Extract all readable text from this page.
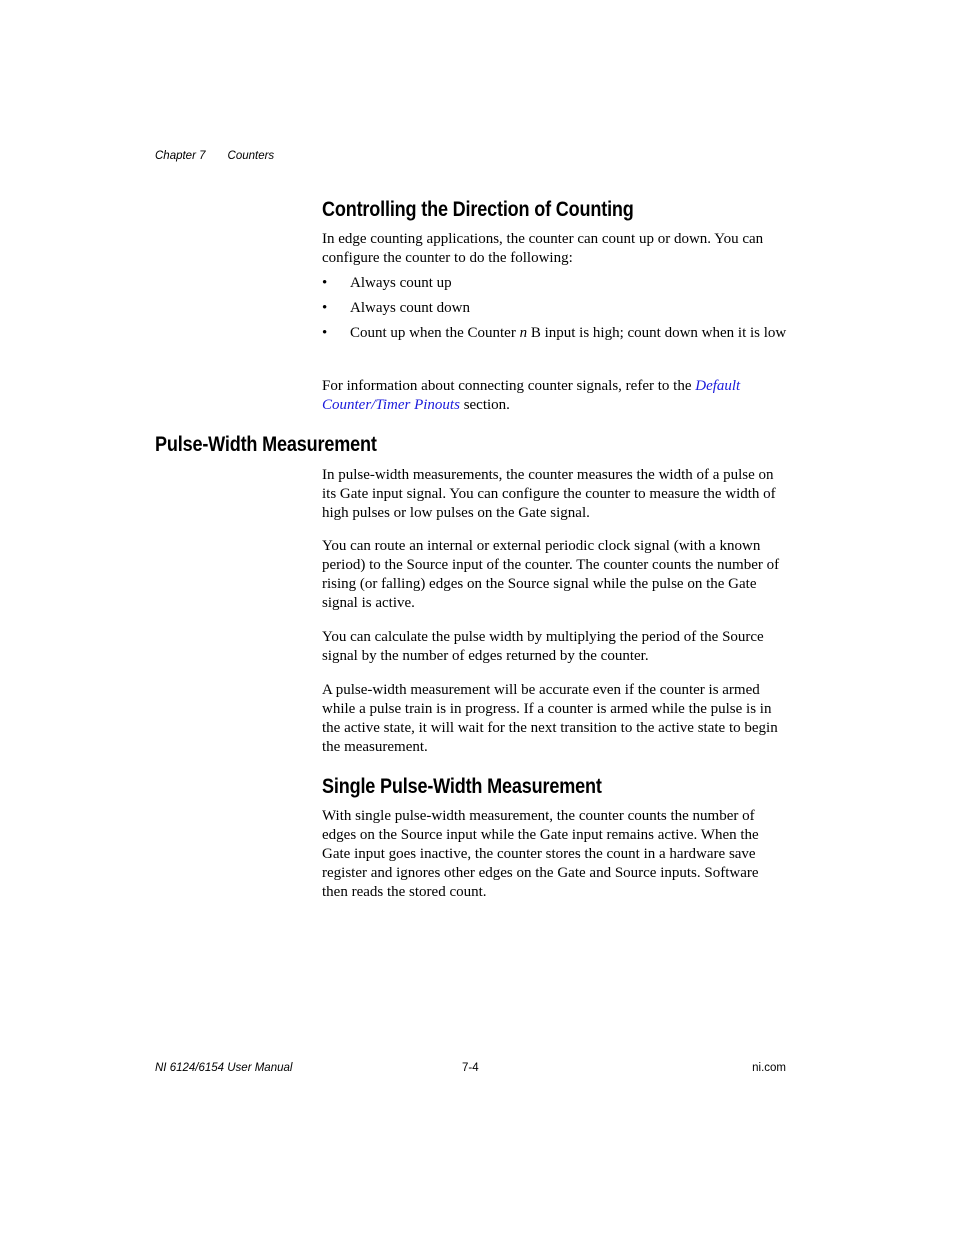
Chapter 7 Counters
Controlling the Direction of Counting

In edge counting applications, the counter can count up or down. You can configure the counter to do the following:

• Always count up
• Always count down
• Count up when the Counter n B input is high; count down when it is low

For information about connecting counter signals, refer to the Default Counter/Timer Pinouts section.

Pulse-Width Measurement

In pulse-width measurements, the counter measures the width of a pulse on its Gate input signal. You can configure the counter to measure the width of high pulses or low pulses on the Gate signal.

You can route an internal or external periodic clock signal (with a known period) to the Source input of the counter. The counter counts the number of rising (or falling) edges on the Source signal while the pulse on the Gate signal is active.

You can calculate the pulse width by multiplying the period of the Source signal by the number of edges returned by the counter.

A pulse-width measurement will be accurate even if the counter is armed while a pulse train is in progress. If a counter is armed while the pulse is in the active state, it will wait for the next transition to the active state to begin the measurement.

Single Pulse-Width Measurement

With single pulse-width measurement, the counter counts the number of edges on the Source input while the Gate input remains active. When the Gate input goes inactive, the counter stores the count in a hardware save register and ignores other edges on the Gate and Source inputs. Software then reads the stored count.

NI 6124/6154 User Manual	7-4	ni.com
